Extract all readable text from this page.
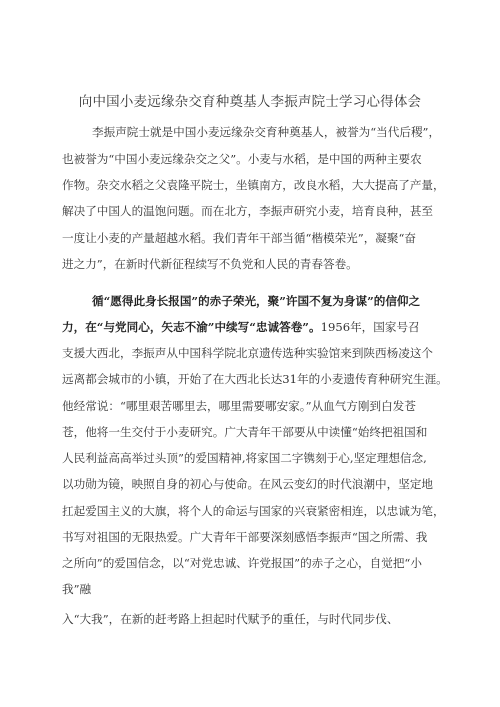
向中国小麦远缘杂交育种奠基人李振声院士学习心得体会
李振声院士就是中国小麦远缘杂交育种奠基人，被誉为“当代后稷”，
也被誉为“中国小麦远缘杂交之父”。小麦与水稻，是中国的两种主要农
作物。杂交水稻之父袁隆平院士，坐镇南方，改良水稻，大大提高了产量，
解决了中国人的温饱问题。而在北方，李振声研究小麦，培育良种，甚至
一度让小麦的产量超越水稻。我们青年干部当循“楷模荣光”，凝聚“奋
进之力”，在新时代新征程续写不负党和人民的青春答卷。
循“愿得此身长报国”的赤子荣光，聚”许国不复为身谋”的信仰之
力，在“与党同心，矢志不渝”中续写“忠诚答卷”。1956年，国家号召
支援大西北，李振声从中国科学院北京遗传选种实验馆来到陕西杨凌这个
远离都会城市的小镇，开始了在大西北长达31年的小麦遗传育种研究生涯。
他经常说：“哪里艰苦哪里去，哪里需要哪安家。”从血气方刚到白发苍
苍，他将一生交付于小麦研究。广大青年干部要从中读懂“始终把祖国和
人民利益高高举过头顶”的爱国精神,将家国二字镌刻于心,坚定理想信念,
以功勋为镜，映照自身的初心与使命。在风云变幻的时代浪潮中，坚定地
扛起爱国主义的大旗，将个人的命运与国家的兴衰紧密相连，以忠诚为笔，
书写对祖国的无限热爱。广大青年干部要深刻感悟李振声“国之所需、我
之所向”的爱国信念，以“对党忠诚、许党报国”的赤子之心，自觉把“小
我”融
入“大我”，在新的赶考路上担起时代赋予的重任，与时代同步伐、
